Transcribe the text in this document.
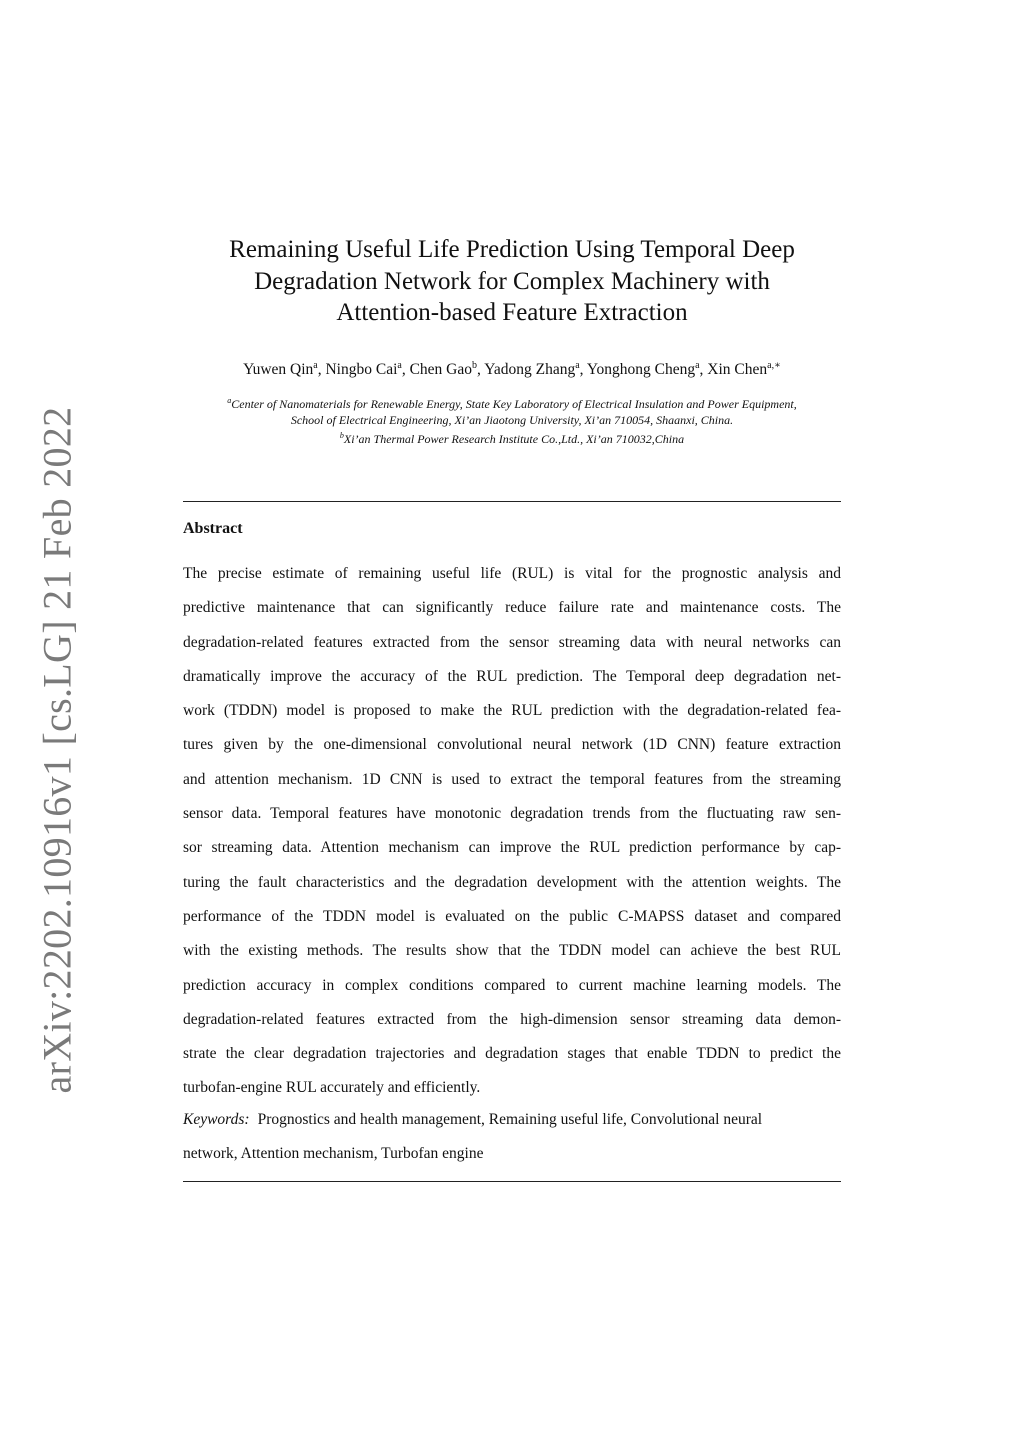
arXiv:2202.10916v1 [cs.LG] 21 Feb 2022
Remaining Useful Life Prediction Using Temporal Deep
Degradation Network for Complex Machinery with
Attention-based Feature Extraction
Yuwen Qin$^a$, Ningbo Cai$^a$, Chen Gao$^b$, Yadong Zhang$^a$, Yonghong Cheng$^a$, Xin Chen$^{a,∗}$
$^a$Center of Nanomaterials for Renewable Energy, State Key Laboratory of Electrical Insulation and Power Equipment,
School of Electrical Engineering, Xi’an Jiaotong University, Xi’an 710054, Shaanxi, China.
$^b$Xi’an Thermal Power Research Institute Co.,Ltd., Xi’an 710032,China
Abstract
The precise estimate of remaining useful life (RUL) is vital for the prognostic analysis and
predictive maintenance that can significantly reduce failure rate and maintenance costs. The
degradation-related features extracted from the sensor streaming data with neural networks can
dramatically improve the accuracy of the RUL prediction. The Temporal deep degradation net-
work (TDDN) model is proposed to make the RUL prediction with the degradation-related fea-
tures given by the one-dimensional convolutional neural network (1D CNN) feature extraction
and attention mechanism. 1D CNN is used to extract the temporal features from the streaming
sensor data. Temporal features have monotonic degradation trends from the fluctuating raw sen-
sor streaming data. Attention mechanism can improve the RUL prediction performance by cap-
turing the fault characteristics and the degradation development with the attention weights. The
performance of the TDDN model is evaluated on the public C-MAPSS dataset and compared
with the existing methods. The results show that the TDDN model can achieve the best RUL
prediction accuracy in complex conditions compared to current machine learning models. The
degradation-related features extracted from the high-dimension sensor streaming data demon-
strate the clear degradation trajectories and degradation stages that enable TDDN to predict the
turbofan-engine RUL accurately and efficiently.
Keywords: Prognostics and health management, Remaining useful life, Convolutional neural
network, Attention mechanism, Turbofan engine
